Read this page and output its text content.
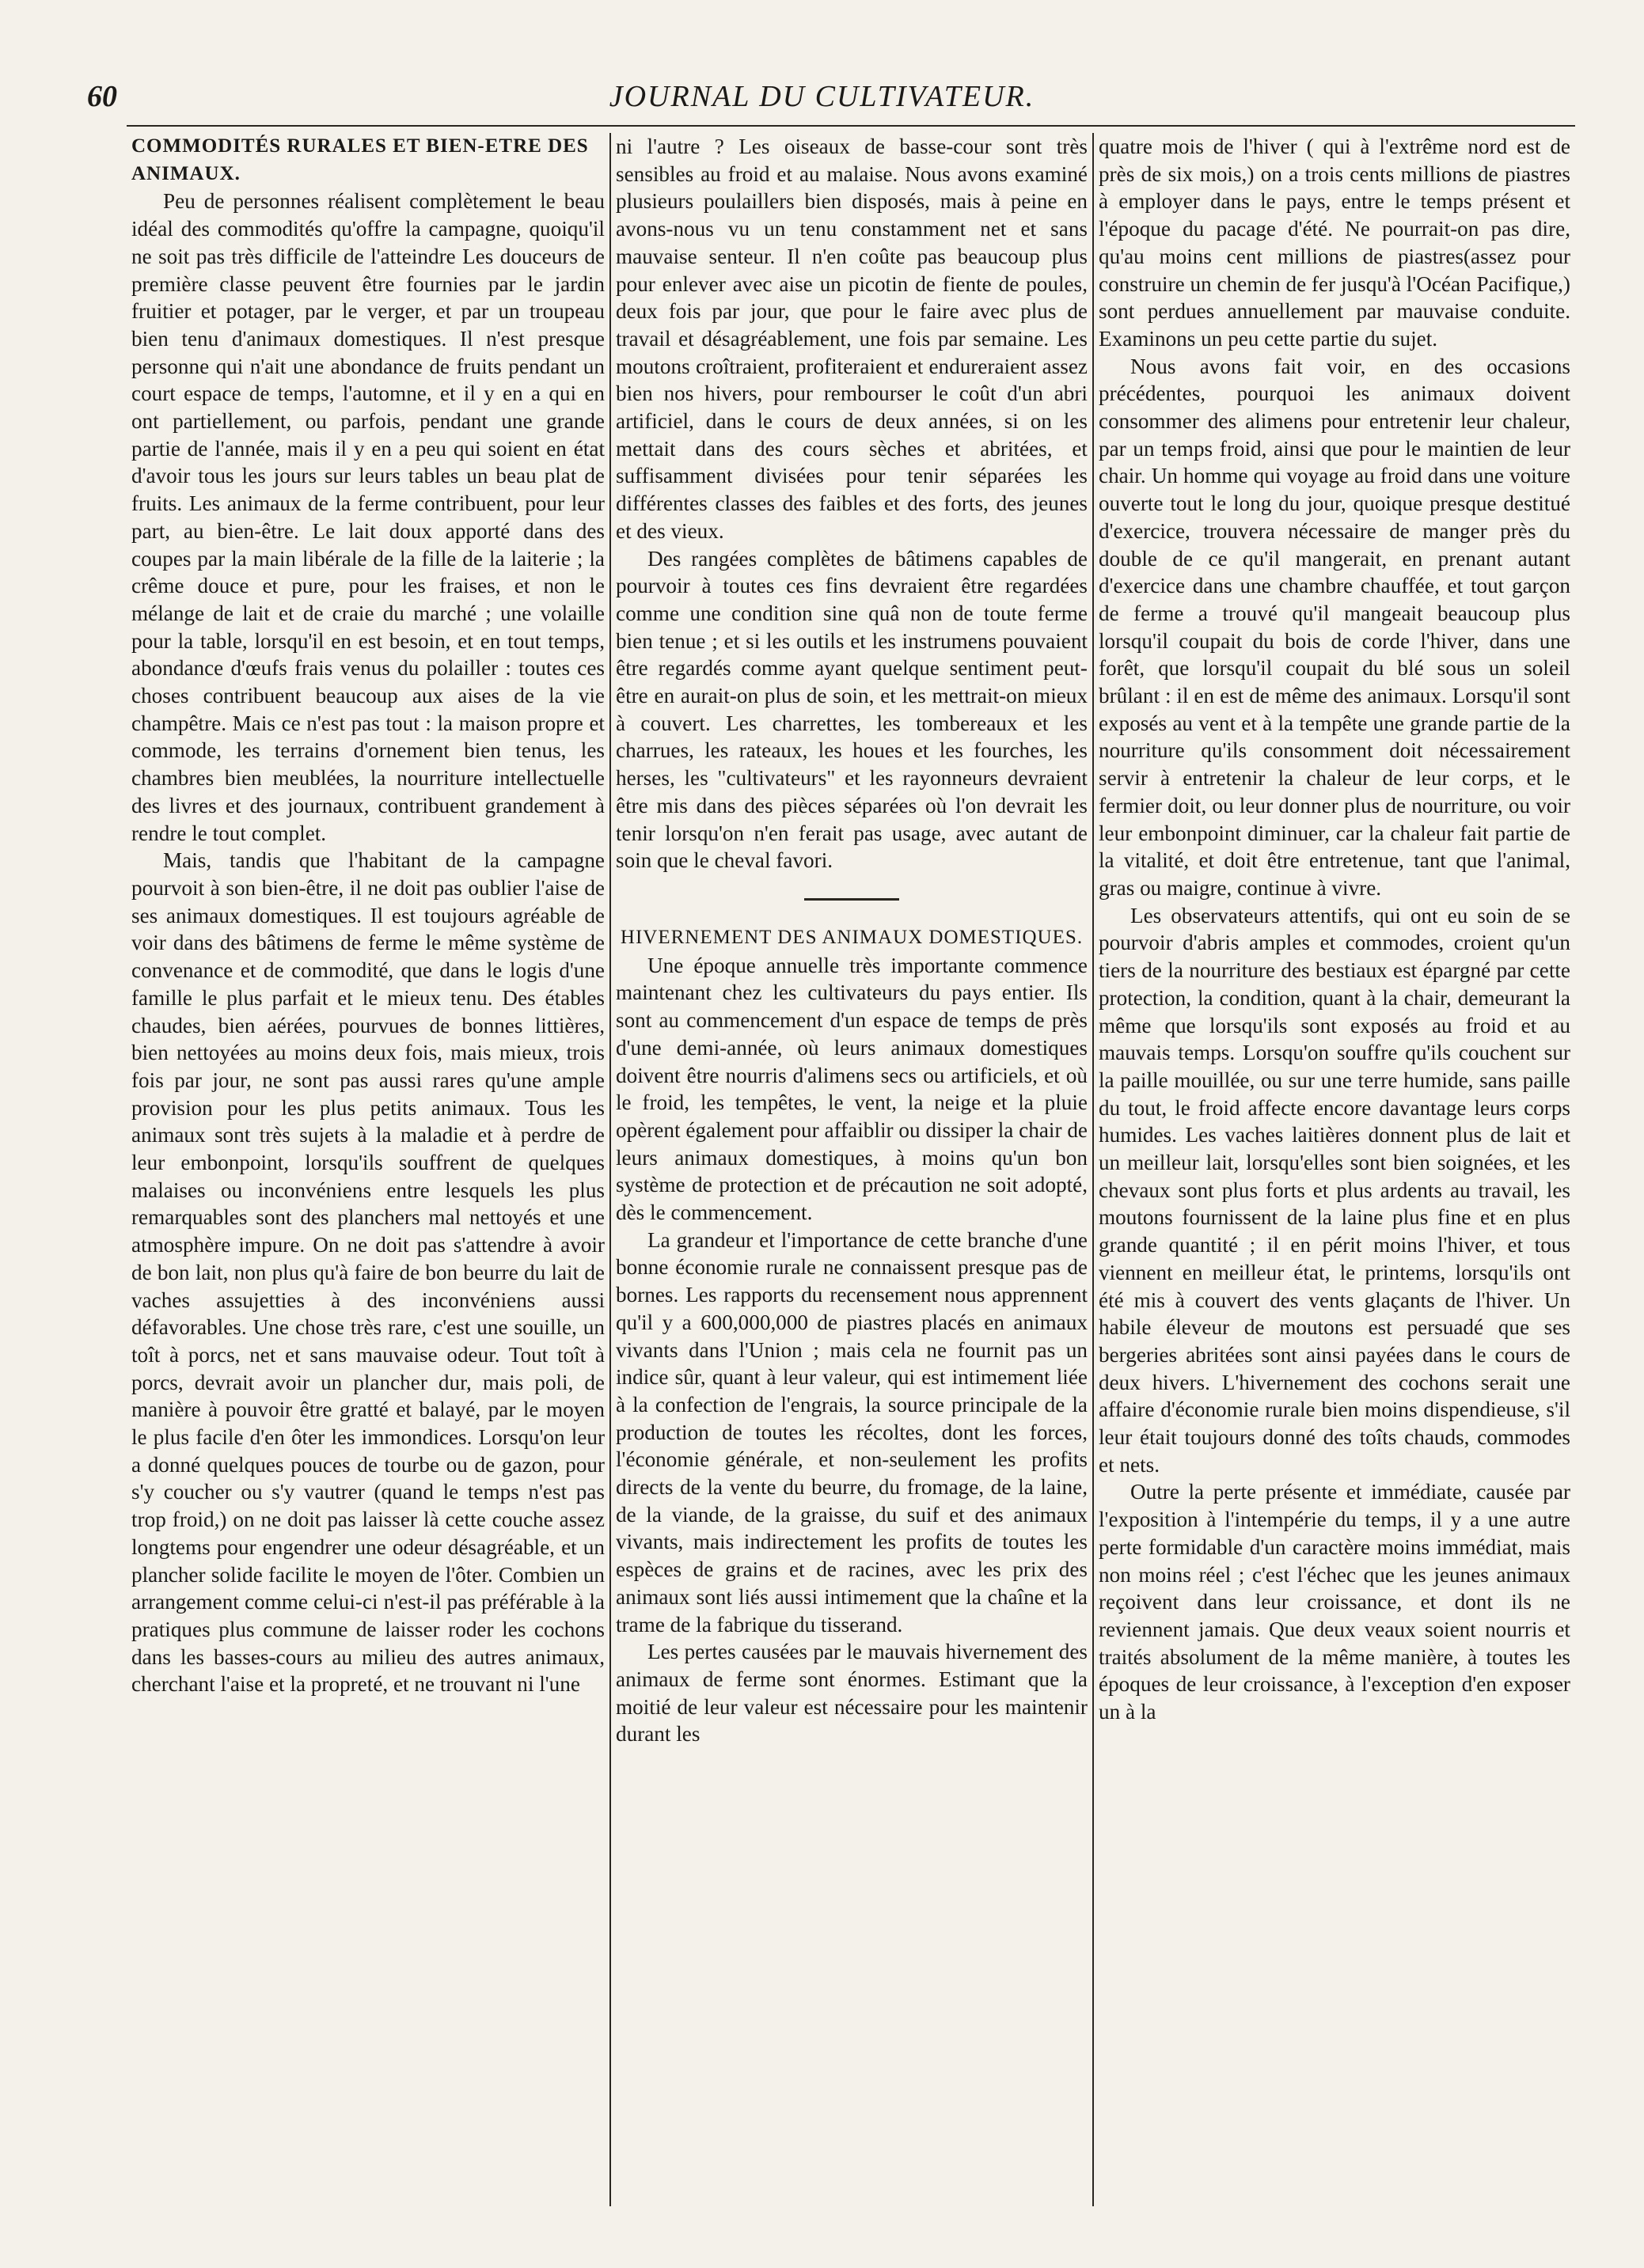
60	JOURNAL DU CULTIVATEUR.
COMMODITÉS RURALES ET BIEN-ETRE DES ANIMAUX.

Peu de personnes réalisent complètement le beau idéal des commodités qu'offre la campagne, quoiqu'il ne soit pas très difficile de l'atteindre Les douceurs de première classe peuvent être fournies par le jardin fruitier et potager, par le verger, et par un troupeau bien tenu d'animaux domestiques. Il n'est presque personne qui n'ait une abondance de fruits pendant un court espace de temps, l'automne, et il y en a qui en ont partiellement, ou parfois, pendant une grande partie de l'année, mais il y en a peu qui soient en état d'avoir tous les jours sur leurs tables un beau plat de fruits. Les animaux de la ferme contribuent, pour leur part, au bien-être. Le lait doux apporté dans des coupes par la main libérale de la fille de la laiterie ; la crême douce et pure, pour les fraises, et non le mélange de lait et de craie du marché ; une volaille pour la table, lorsqu'il en est besoin, et en tout temps, abondance d'œufs frais venus du polailler : toutes ces choses contribuent beaucoup aux aises de la vie champêtre. Mais ce n'est pas tout : la maison propre et commode, les terrains d'ornement bien tenus, les chambres bien meublées, la nourriture intellectuelle des livres et des journaux, contribuent grandement à rendre le tout complet.

Mais, tandis que l'habitant de la campagne pourvoit à son bien-être, il ne doit pas oublier l'aise de ses animaux domestiques. Il est toujours agréable de voir dans des bâtimens de ferme le même système de convenance et de commodité, que dans le logis d'une famille le plus parfait et le mieux tenu. Des étables chaudes, bien aérées, pourvues de bonnes littières, bien nettoyées au moins deux fois, mais mieux, trois fois par jour, ne sont pas aussi rares qu'une ample provision pour les plus petits animaux. Tous les animaux sont très sujets à la maladie et à perdre de leur embonpoint, lorsqu'ils souffrent de quelques malaises ou inconvéniens entre lesquels les plus remarquables sont des planchers mal nettoyés et une atmosphère impure. On ne doit pas s'attendre à avoir de bon lait, non plus qu'à faire de bon beurre du lait de vaches assujetties à des inconvéniens aussi défavorables. Une chose très rare, c'est une souille, un toît à porcs, net et sans mauvaise odeur. Tout toît à porcs, devrait avoir un plancher dur, mais poli, de manière à pouvoir être gratté et balayé, par le moyen le plus facile d'en ôter les immondices. Lorsqu'on leur a donné quelques pouces de tourbe ou de gazon, pour s'y coucher ou s'y vautrer (quand le temps n'est pas trop froid,) on ne doit pas laisser là cette couche assez longtems pour engendrer une odeur désagréable, et un plancher solide facilite le moyen de l'ôter. Combien un arrangement comme celui-ci n'est-il pas préférable à la pratiques plus commune de laisser roder les cochons dans les basses-cours au milieu des autres animaux, cherchant l'aise et la propreté, et ne trouvant ni l'une

ni l'autre ? Les oiseaux de basse-cour sont très sensibles au froid et au malaise. Nous avons examiné plusieurs poulaillers bien disposés, mais à peine en avons-nous vu un tenu constamment net et sans mauvaise senteur. Il n'en coûte pas beaucoup plus pour enlever avec aise un picotin de fiente de poules, deux fois par jour, que pour le faire avec plus de travail et désagréablement, une fois par semaine. Les moutons croîtraient, profiteraient et endureraient assez bien nos hivers, pour rembourser le coût d'un abri artificiel, dans le cours de deux années, si on les mettait dans des cours sèches et abritées, et suffisamment divisées pour tenir séparées les différentes classes des faibles et des forts, des jeunes et des vieux.

Des rangées complètes de bâtimens capables de pourvoir à toutes ces fins devraient être regardées comme une condition sine quâ non de toute ferme bien tenue ; et si les outils et les instrumens pouvaient être regardés comme ayant quelque sentiment peut-être en aurait-on plus de soin, et les mettrait-on mieux à couvert. Les charrettes, les tombereaux et les charrues, les rateaux, les houes et les fourches, les herses, les "cultivateurs" et les rayonneurs devraient être mis dans des pièces séparées où l'on devrait les tenir lorsqu'on n'en ferait pas usage, avec autant de soin que le cheval favori.

HIVERNEMENT DES ANIMAUX DOMESTIQUES.

Une époque annuelle très importante commence maintenant chez les cultivateurs du pays entier. Ils sont au commencement d'un espace de temps de près d'une demi-année, où leurs animaux domestiques doivent être nourris d'alimens secs ou artificiels, et où le froid, les tempêtes, le vent, la neige et la pluie opèrent également pour affaiblir ou dissiper la chair de leurs animaux domestiques, à moins qu'un bon système de protection et de précaution ne soit adopté, dès le commencement.

La grandeur et l'importance de cette branche d'une bonne économie rurale ne connaissent presque pas de bornes. Les rapports du recensement nous apprennent qu'il y a 600,000,000 de piastres placés en animaux vivants dans l'Union ; mais cela ne fournit pas un indice sûr, quant à leur valeur, qui est intimement liée à la confection de l'engrais, la source principale de la production de toutes les récoltes, dont les forces, l'économie générale, et non-seulement les profits directs de la vente du beurre, du fromage, de la laine, de la viande, de la graisse, du suif et des animaux vivants, mais indirectement les profits de toutes les espèces de grains et de racines, avec les prix des animaux sont liés aussi intimement que la chaîne et la trame de la fabrique du tisserand.

Les pertes causées par le mauvais hivernement des animaux de ferme sont énormes. Estimant que la moitié de leur valeur est nécessaire pour les maintenir durant les

quatre mois de l'hiver ( qui à l'extrême nord est de près de six mois,) on a trois cents millions de piastres à employer dans le pays, entre le temps présent et l'époque du pacage d'été. Ne pourrait-on pas dire, qu'au moins cent millions de piastres(assez pour construire un chemin de fer jusqu'à l'Océan Pacifique,) sont perdues annuellement par mauvaise conduite. Examinons un peu cette partie du sujet.

Nous avons fait voir, en des occasions précédentes, pourquoi les animaux doivent consommer des alimens pour entretenir leur chaleur, par un temps froid, ainsi que pour le maintien de leur chair. Un homme qui voyage au froid dans une voiture ouverte tout le long du jour, quoique presque destitué d'exercice, trouvera nécessaire de manger près du double de ce qu'il mangerait, en prenant autant d'exercice dans une chambre chauffée, et tout garçon de ferme a trouvé qu'il mangeait beaucoup plus lorsqu'il coupait du bois de corde l'hiver, dans une forêt, que lorsqu'il coupait du blé sous un soleil brûlant : il en est de même des animaux. Lorsqu'il sont exposés au vent et à la tempête une grande partie de la nourriture qu'ils consomment doit nécessairement servir à entretenir la chaleur de leur corps, et le fermier doit, ou leur donner plus de nourriture, ou voir leur embonpoint diminuer, car la chaleur fait partie de la vitalité, et doit être entretenue, tant que l'animal, gras ou maigre, continue à vivre.

Les observateurs attentifs, qui ont eu soin de se pourvoir d'abris amples et commodes, croient qu'un tiers de la nourriture des bestiaux est épargné par cette protection, la condition, quant à la chair, demeurant la même que lorsqu'ils sont exposés au froid et au mauvais temps. Lorsqu'on souffre qu'ils couchent sur la paille mouillée, ou sur une terre humide, sans paille du tout, le froid affecte encore davantage leurs corps humides. Les vaches laitières donnent plus de lait et un meilleur lait, lorsqu'elles sont bien soignées, et les chevaux sont plus forts et plus ardents au travail, les moutons fournissent de la laine plus fine et en plus grande quantité ; il en périt moins l'hiver, et tous viennent en meilleur état, le printems, lorsqu'ils ont été mis à couvert des vents glaçants de l'hiver. Un habile éleveur de moutons est persuadé que ses bergeries abritées sont ainsi payées dans le cours de deux hivers. L'hivernement des cochons serait une affaire d'économie rurale bien moins dispendieuse, s'il leur était toujours donné des toîts chauds, commodes et nets.

Outre la perte présente et immédiate, causée par l'exposition à l'intempérie du temps, il y a une autre perte formidable d'un caractère moins immédiat, mais non moins réel ; c'est l'échec que les jeunes animaux reçoivent dans leur croissance, et dont ils ne reviennent jamais. Que deux veaux soient nourris et traités absolument de la même manière, à toutes les époques de leur croissance, à l'exception d'en exposer un à la
